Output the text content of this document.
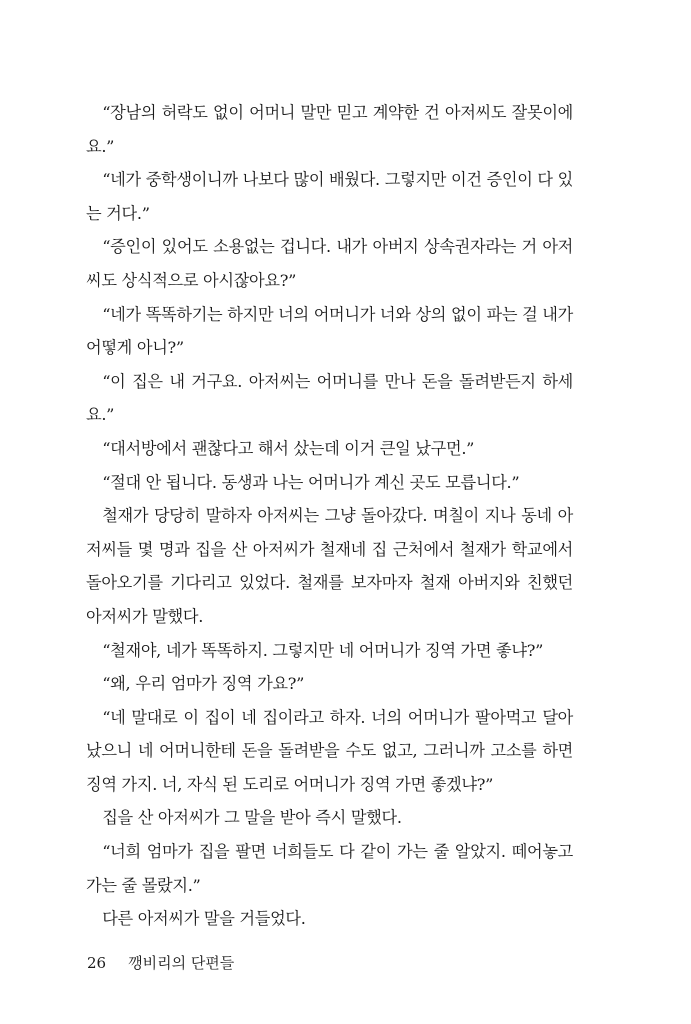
“장남의 허락도 없이 어머니 말만 믿고 계약한 건 아저씨도 잘못이에요.”

“네가 중학생이니까 나보다 많이 배웠다. 그렇지만 이건 증인이 다 있는 거다.”

“증인이 있어도 소용없는 겁니다. 내가 아버지 상속권자라는 거 아저씨도 상식적으로 아시잖아요?”

“네가 똑똑하기는 하지만 너의 어머니가 너와 상의 없이 파는 걸 내가 어떻게 아니?”

“이 집은 내 거구요. 아저씨는 어머니를 만나 돈을 돌려받든지 하세요.”

“대서방에서 괜찮다고 해서 샀는데 이거 큰일 났구먼.”

“절대 안 됩니다. 동생과 나는 어머니가 계신 곳도 모릅니다.”

철재가 당당히 말하자 아저씨는 그냥 돌아갔다. 며칠이 지나 동네 아저씨들 몇 명과 집을 산 아저씨가 철재네 집 근처에서 철재가 학교에서 돌아오기를 기다리고 있었다. 철재를 보자마자 철재 아버지와 친했던 아저씨가 말했다.

“철재야, 네가 똑똑하지. 그렇지만 네 어머니가 징역 가면 좋냐?”

“왜, 우리 엄마가 징역 가요?”

“네 말대로 이 집이 네 집이라고 하자. 너의 어머니가 팔아먹고 달아났으니 네 어머니한테 돈을 돌려받을 수도 없고, 그러니까 고소를 하면 징역 가지. 너, 자식 된 도리로 어머니가 징역 가면 좋겠냐?”

집을 산 아저씨가 그 말을 받아 즉시 말했다.

“너희 엄마가 집을 팔면 너희들도 다 같이 가는 줄 알았지. 떼어놓고 가는 줄 몰랐지.”

다른 아저씨가 말을 거들었다.

26 깽비리의 단편들
